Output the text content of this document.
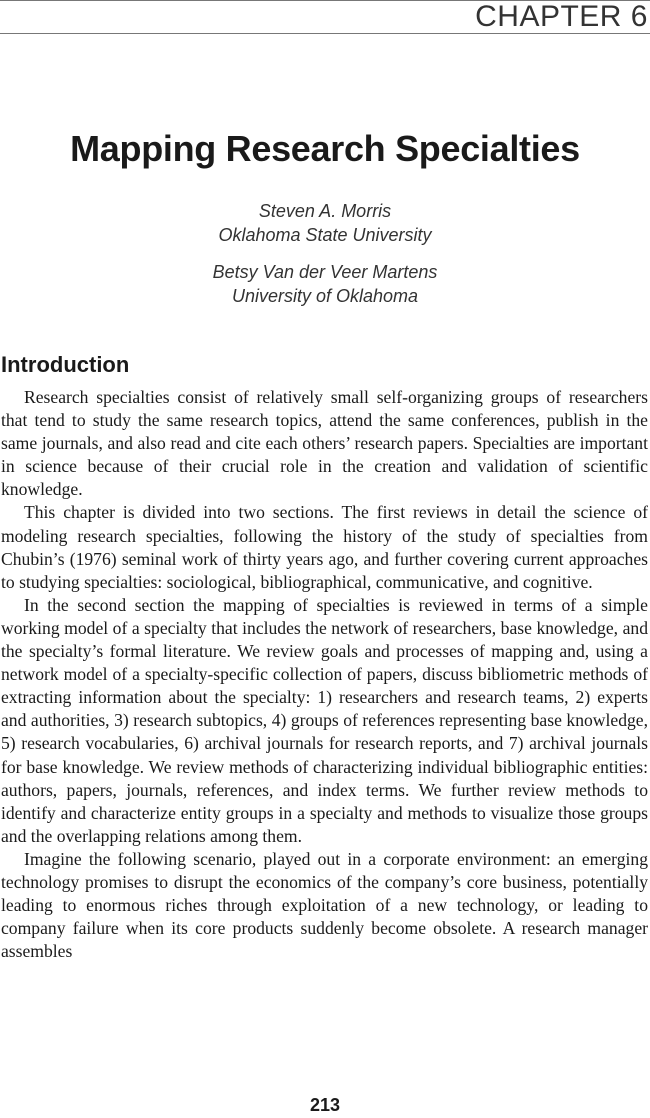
CHAPTER 6
Mapping Research Specialties
Steven A. Morris
Oklahoma State University
Betsy Van der Veer Martens
University of Oklahoma
Introduction

Research specialties consist of relatively small self-organizing groups of researchers that tend to study the same research topics, attend the same conferences, publish in the same journals, and also read and cite each others’ research papers. Specialties are important in science because of their crucial role in the creation and validation of scientific knowledge.

This chapter is divided into two sections. The first reviews in detail the science of modeling research specialties, following the history of the study of specialties from Chubin’s (1976) seminal work of thirty years ago, and further covering current approaches to studying specialties: sociological, bibliographical, communicative, and cognitive.

In the second section the mapping of specialties is reviewed in terms of a simple working model of a specialty that includes the network of researchers, base knowledge, and the specialty’s formal literature. We review goals and processes of mapping and, using a network model of a specialty-specific collection of papers, discuss bibliometric methods of extracting information about the specialty: 1) researchers and research teams, 2) experts and authorities, 3) research subtopics, 4) groups of references representing base knowledge, 5) research vocabularies, 6) archival journals for research reports, and 7) archival journals for base knowledge. We review methods of characterizing individual bibliographic entities: authors, papers, journals, references, and index terms. We further review methods to identify and characterize entity groups in a specialty and methods to visualize those groups and the overlapping relations among them.

Imagine the following scenario, played out in a corporate environment: an emerging technology promises to disrupt the economics of the company’s core business, potentially leading to enormous riches through exploitation of a new technology, or leading to company failure when its core products suddenly become obsolete. A research manager assembles

213
